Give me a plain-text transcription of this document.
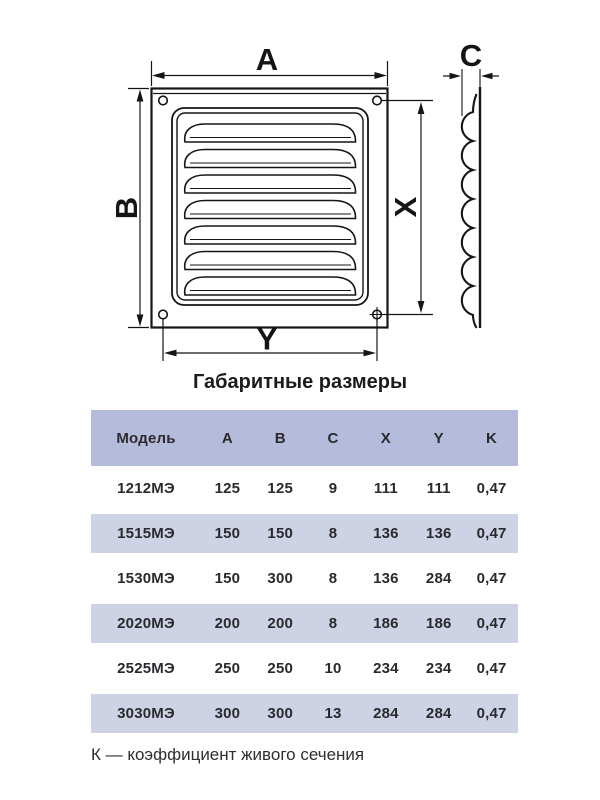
A
B	X
Y
C
Габаритные размеры
Модель	A	B	C	X	Y	K
1212МЭ	125	125	9	111	111	0,47
1515МЭ	150	150	8	136	136	0,47
1530МЭ	150	300	8	136	284	0,47
2020МЭ	200	200	8	186	186	0,47
2525МЭ	250	250	10	234	234	0,47
3030МЭ	300	300	13	284	284	0,47

К — коэффициент живого сечения
